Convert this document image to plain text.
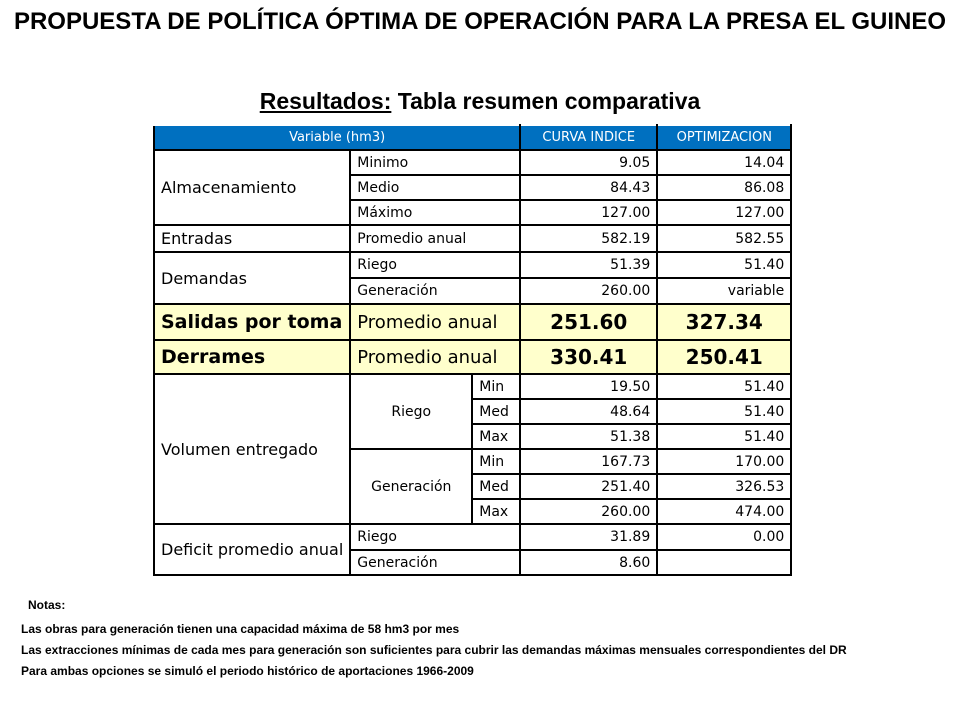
PROPUESTA DE POLÍTICA ÓPTIMA DE OPERACIÓN PARA LA PRESA EL GUINEO
Resultados: Tabla resumen comparativa
Variable (hm3)			CURVA INDICE	OPTIMIZACION
Almacenamiento	Minimo		9.05	14.04
	Medio		84.43	86.08
	Máximo		127.00	127.00
Entradas	Promedio anual		582.19	582.55
Demandas	Riego		51.39	51.40
	Generación		260.00	variable
Salidas por toma	Promedio anual		251.60	327.34
Derrames	Promedio anual		330.41	250.41
Volumen entregado	Riego	Min	19.50	51.40
		Med	48.64	51.40
		Max	51.38	51.40
	Generación	Min	167.73	170.00
		Med	251.40	326.53
		Max	260.00	474.00
Deficit promedio anual	Riego		31.89	0.00
	Generación		8.60	

Notas:

Las obras para generación tienen una capacidad máxima de 58 hm3 por mes

Las extracciones mínimas de cada mes para generación son suficientes para cubrir las demandas máximas mensuales correspondientes del DR

Para ambas opciones se simuló el periodo histórico de aportaciones 1966-2009
